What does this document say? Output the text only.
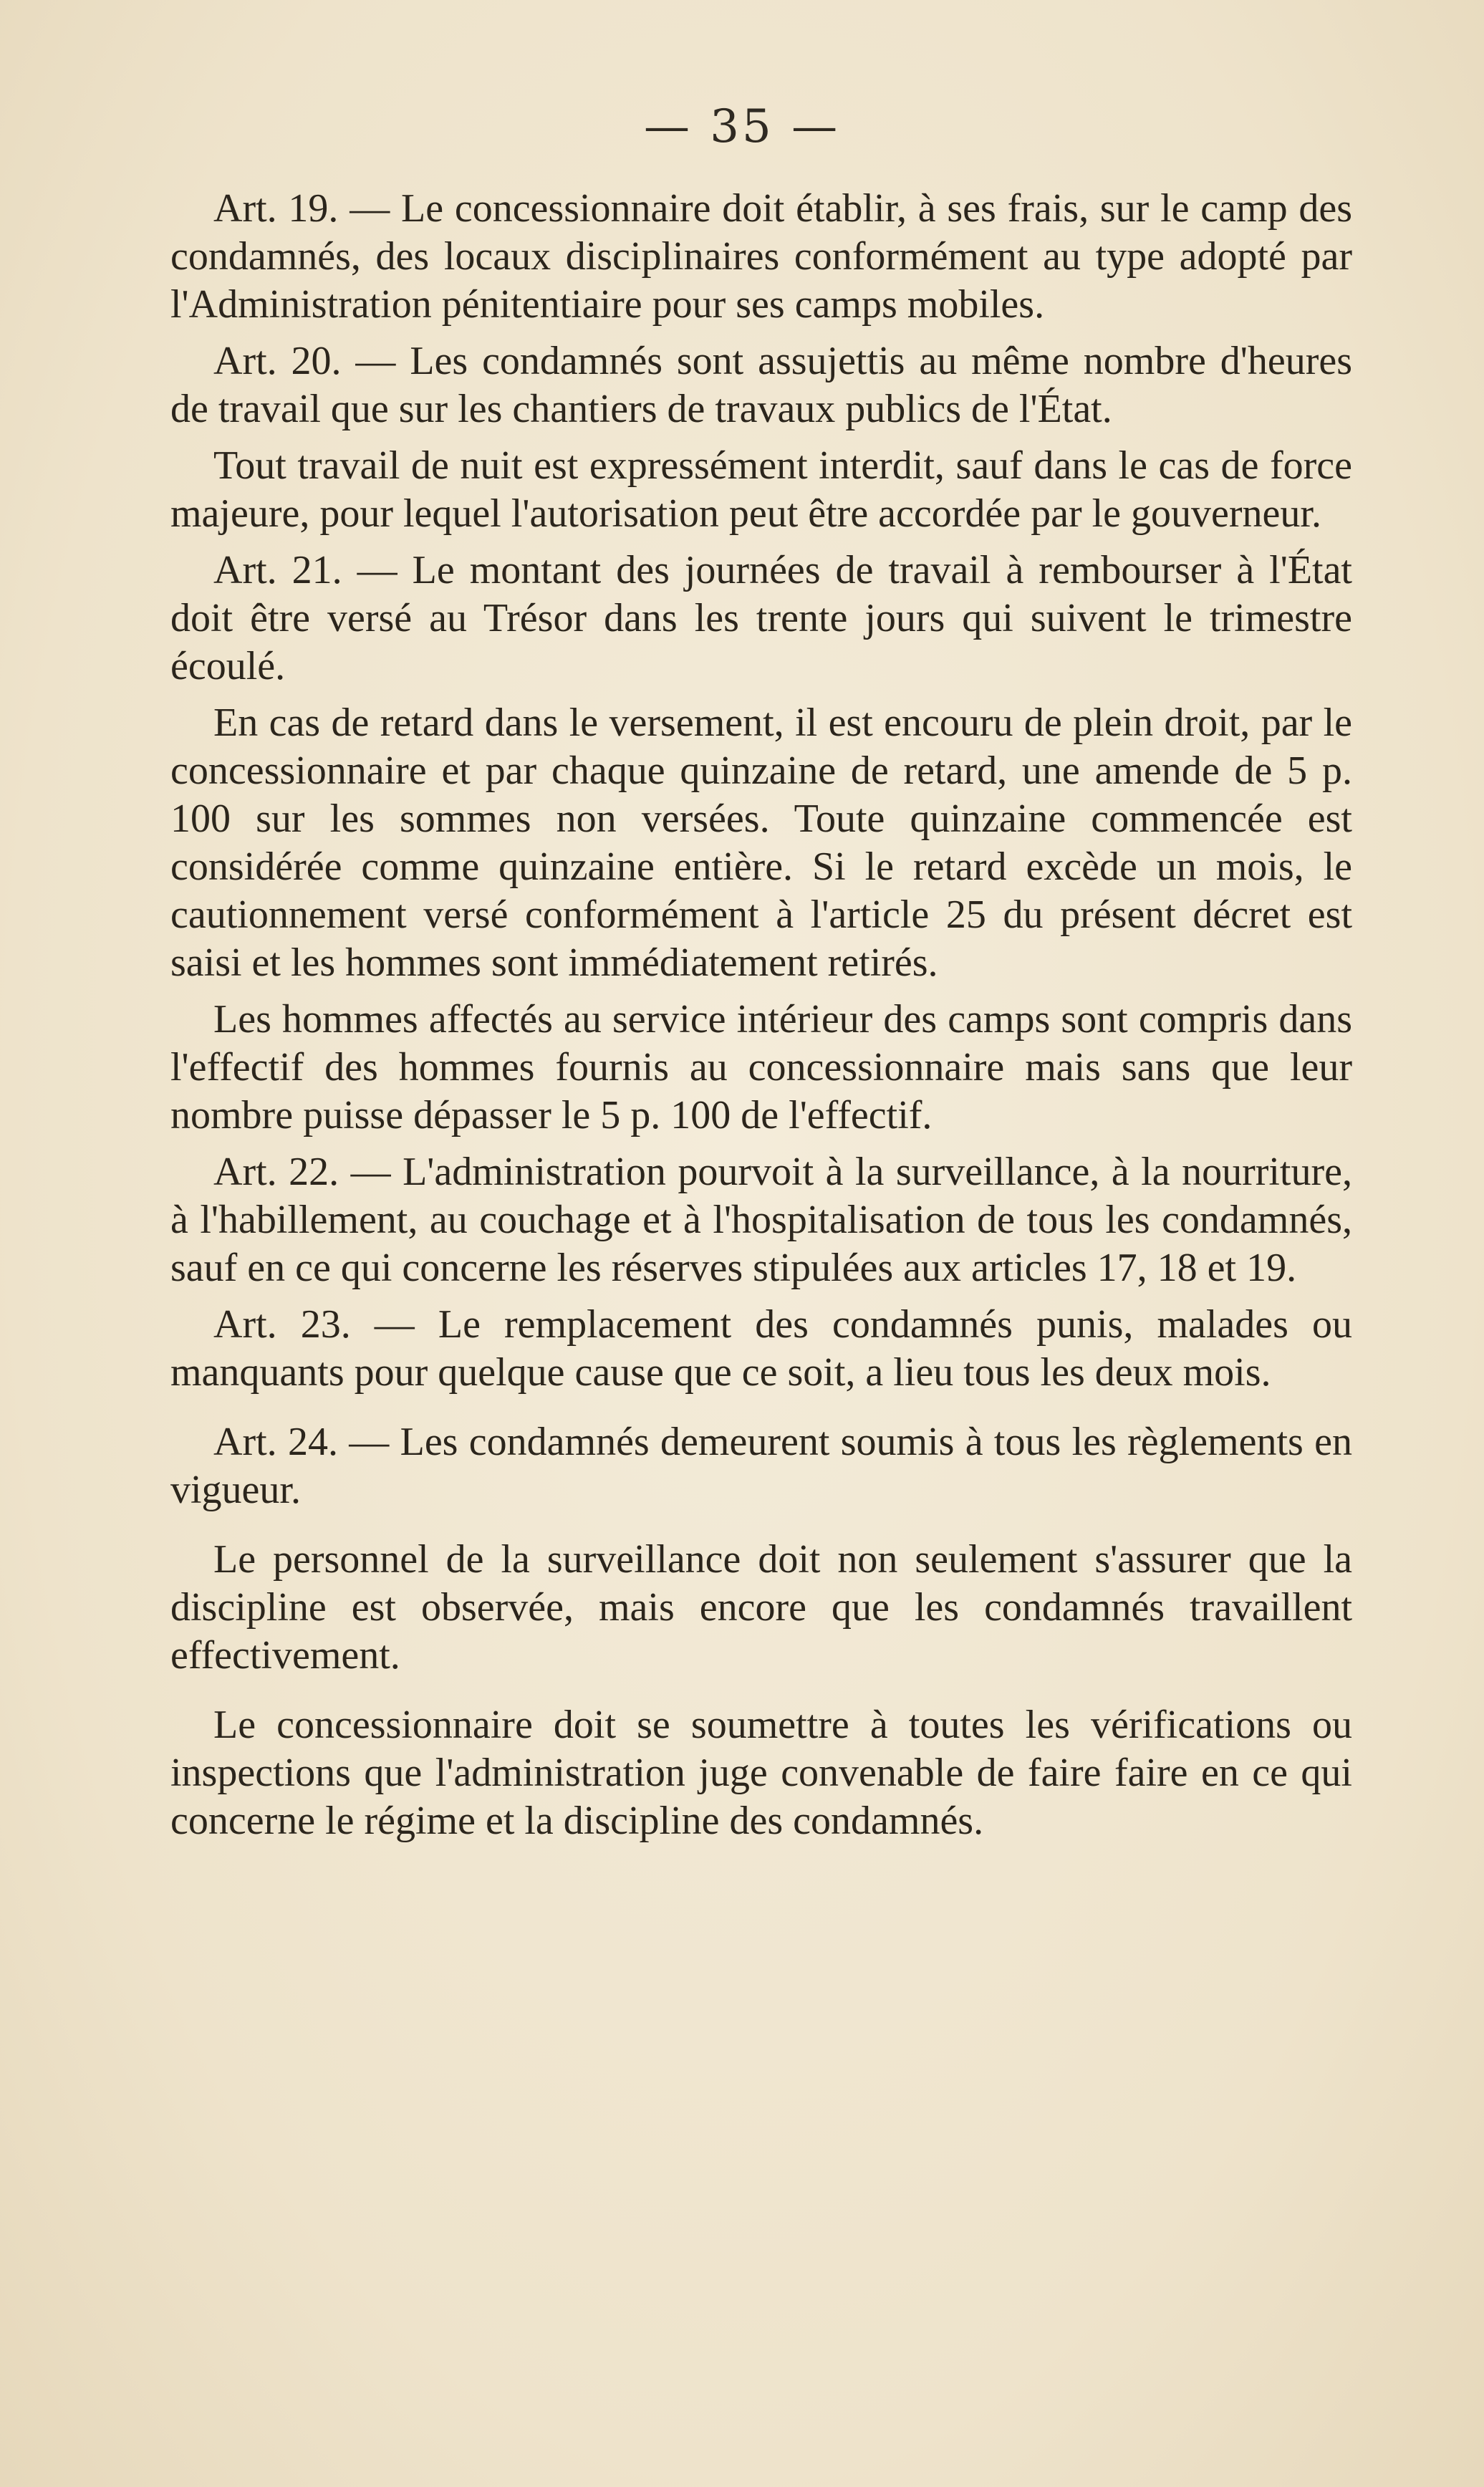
— 35 —

Art. 19. — Le concessionnaire doit établir, à ses frais, sur le camp des condamnés, des locaux disciplinaires conformément au type adopté par l'Administration pénitentiaire pour ses camps mobiles.

Art. 20. — Les condamnés sont assujettis au même nombre d'heures de travail que sur les chantiers de travaux publics de l'État.

Tout travail de nuit est expressément interdit, sauf dans le cas de force majeure, pour lequel l'autorisation peut être accordée par le gouverneur.

Art. 21. — Le montant des journées de travail à rembourser à l'État doit être versé au Trésor dans les trente jours qui suivent le trimestre écoulé.

En cas de retard dans le versement, il est encouru de plein droit, par le concessionnaire et par chaque quinzaine de retard, une amende de 5 p. 100 sur les sommes non versées. Toute quinzaine commencée est considérée comme quinzaine entière. Si le retard excède un mois, le cautionnement versé conformément à l'article 25 du présent décret est saisi et les hommes sont immédiatement retirés.

Les hommes affectés au service intérieur des camps sont compris dans l'effectif des hommes fournis au concessionnaire mais sans que leur nombre puisse dépasser le 5 p. 100 de l'effectif.

Art. 22. — L'administration pourvoit à la surveillance, à la nourriture, à l'habillement, au couchage et à l'hospitalisation de tous les condamnés, sauf en ce qui concerne les réserves stipulées aux articles 17, 18 et 19.

Art. 23. — Le remplacement des condamnés punis, malades ou manquants pour quelque cause que ce soit, a lieu tous les deux mois.

Art. 24. — Les condamnés demeurent soumis à tous les règlements en vigueur.

Le personnel de la surveillance doit non seulement s'assurer que la discipline est observée, mais encore que les condamnés travaillent effectivement.

Le concessionnaire doit se soumettre à toutes les vérifications ou inspections que l'administration juge convenable de faire faire en ce qui concerne le régime et la discipline des condamnés.
